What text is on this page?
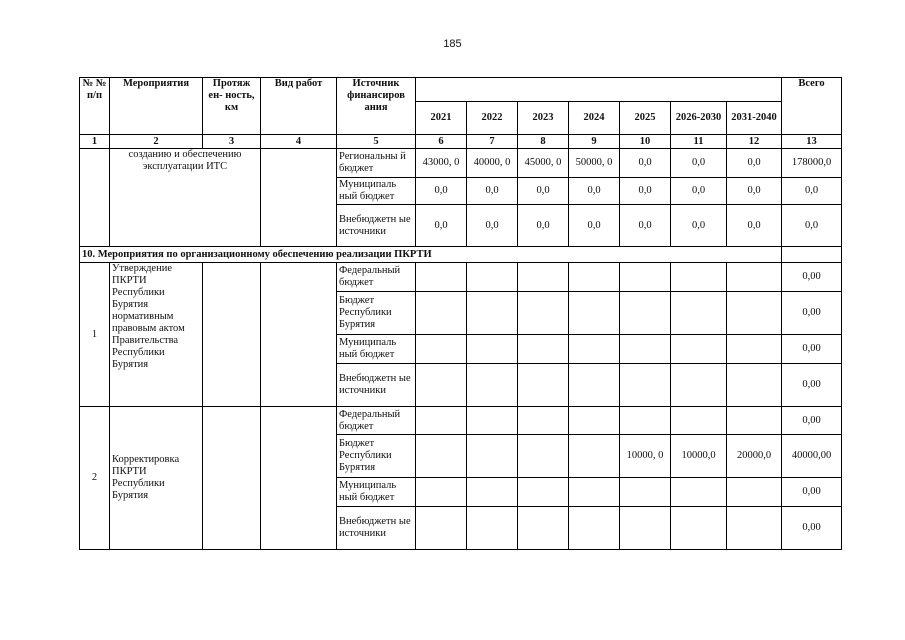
185
№ № п/п	Мероприятия	Протяж ен- ность, км	Вид работ	Источник финансиров ания								Всего
					2021	2022	2023	2024	2025	2026-2030	2031-2040	
1	2	3	4	5	6	7	8	9	10	11	12	13
	созданию и обеспечению эксплуатации ИТС			Региональны й бюджет	43000, 0	40000, 0	45000, 0	50000, 0	0,0	0,0	0,0	178000,0
				Муниципаль ный бюджет	0,0	0,0	0,0	0,0	0,0	0,0	0,0	0,0
				Внебюджетн ые источники	0,0	0,0	0,0	0,0	0,0	0,0	0,0	0,0
10. Мероприятия по организационному обеспечению реализации ПКРТИ												
1	Утверждение ПКРТИ Республики Бурятия нормативным правовым актом Правительства Республики Бурятия			Федеральный бюджет								0,00
				Бюджет Республики Бурятия								0,00
				Муниципаль ный бюджет								0,00
				Внебюджетн ые источники								0,00
2	Корректировка ПКРТИ Республики Бурятия			Федеральный бюджет								0,00
				Бюджет Республики Бурятия					10000, 0	10000,0	20000,0	40000,00
				Муниципаль ный бюджет								0,00
				Внебюджетн ые источники								0,00
